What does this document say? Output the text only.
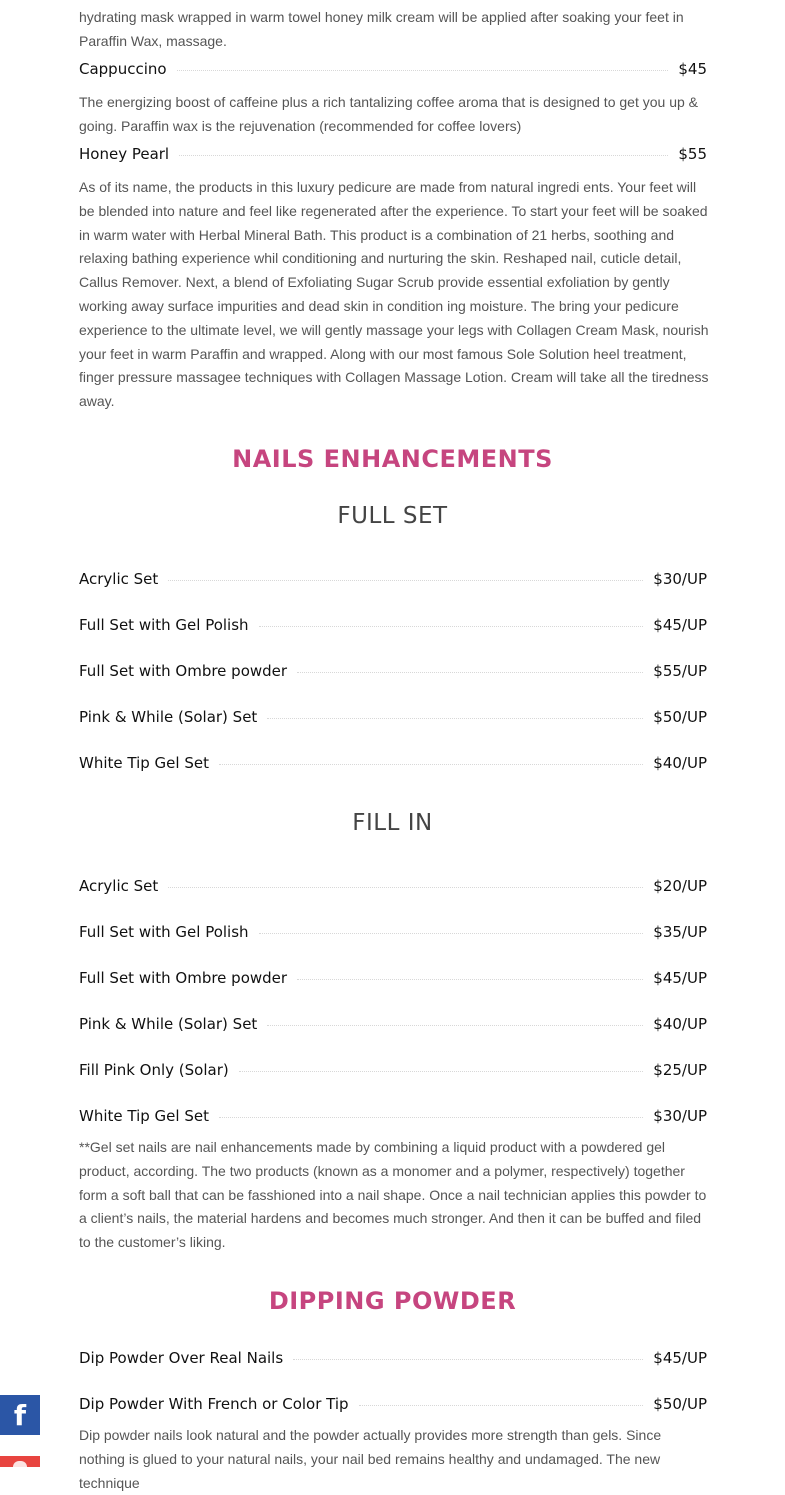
hydrating mask wrapped in warm towel honey milk cream will be applied after soaking your feet in Paraffin Wax, massage.
Cappuccino	$45
The energizing boost of caffeine plus a rich tantalizing coffee aroma that is designed to get you up & going. Paraffin wax is the rejuvenation (recommended for coffee lovers)
Honey Pearl	$55
As of its name, the products in this luxury pedicure are made from natural ingredi ents. Your feet will be blended into nature and feel like regenerated after the experience. To start your feet will be soaked in warm water with Herbal Mineral Bath. This product is a combination of 21 herbs, soothing and relaxing bathing experience whil conditioning and nurturing the skin. Reshaped nail, cuticle detail, Callus Remover. Next, a blend of Exfoliating Sugar Scrub provide essential exfoliation by gently working away surface impurities and dead skin in condition ing moisture. The bring your pedicure experience to the ultimate level, we will gently massage your legs with Collagen Cream Mask, nourish your feet in warm Paraffin and wrapped. Along with our most famous Sole Solution heel treatment, finger pressure massagee techniques with Collagen Massage Lotion. Cream will take all the tiredness away.
NAILS ENHANCEMENTS
FULL SET
Acrylic Set	$30/UP
Full Set with Gel Polish	$45/UP
Full Set with Ombre powder	$55/UP
Pink & While (Solar) Set	$50/UP
White Tip Gel Set	$40/UP
FILL IN
Acrylic Set	$20/UP
Full Set with Gel Polish	$35/UP
Full Set with Ombre powder	$45/UP
Pink & While (Solar) Set	$40/UP
Fill Pink Only (Solar)	$25/UP
White Tip Gel Set	$30/UP
**Gel set nails are nail enhancements made by combining a liquid product with a powdered gel product, according. The two products (known as a monomer and a polymer, respectively) together form a soft ball that can be fasshioned into a nail shape. Once a nail technician applies this powder to a client’s nails, the material hardens and becomes much stronger. And then it can be buffed and filed to the customer’s liking.
DIPPING POWDER
Dip Powder Over Real Nails	$45/UP
Dip Powder With French or Color Tip	$50/UP
Dip powder nails look natural and the powder actually provides more strength than gels. Since nothing is glued to your natural nails, your nail bed remains healthy and undamaged. The new technique
f
